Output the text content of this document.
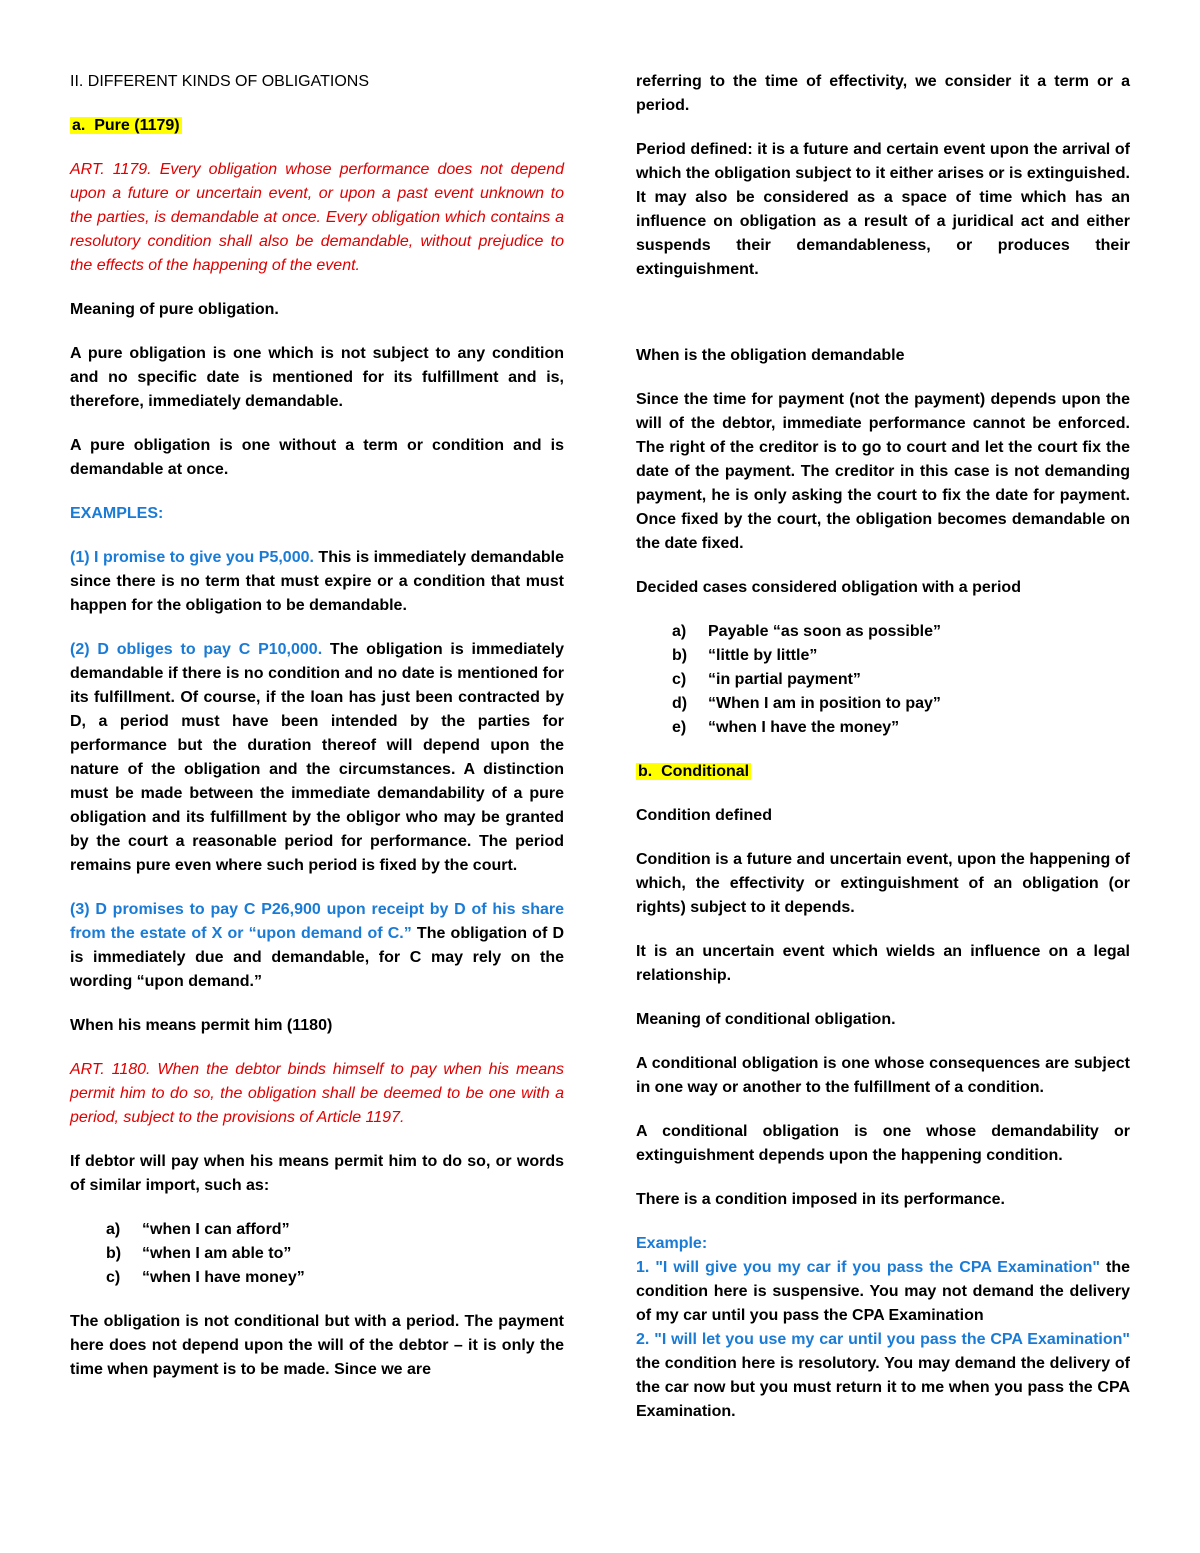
II. DIFFERENT KINDS OF OBLIGATIONS

a. Pure (1179)

ART. 1179. Every obligation whose performance does not depend upon a future or uncertain event, or upon a past event unknown to the parties, is demandable at once. Every obligation which contains a resolutory condition shall also be demandable, without prejudice to the effects of the happening of the event.

Meaning of pure obligation.

A pure obligation is one which is not subject to any condition and no specific date is mentioned for its fulfillment and is, therefore, immediately demandable.

A pure obligation is one without a term or condition and is demandable at once.

EXAMPLES:

(1) I promise to give you P5,000. This is immediately demandable since there is no term that must expire or a condition that must happen for the obligation to be demandable.

(2) D obliges to pay C P10,000. The obligation is immediately demandable if there is no condition and no date is mentioned for its fulfillment. Of course, if the loan has just been contracted by D, a period must have been intended by the parties for performance but the duration thereof will depend upon the nature of the obligation and the circumstances. A distinction must be made between the immediate demandability of a pure obligation and its fulfillment by the obligor who may be granted by the court a reasonable period for performance. The period remains pure even where such period is fixed by the court.

(3) D promises to pay C P26,900 upon receipt by D of his share from the estate of X or “upon demand of C.” The obligation of D is immediately due and demandable, for C may rely on the wording “upon demand.”

When his means permit him (1180)

ART. 1180. When the debtor binds himself to pay when his means permit him to do so, the obligation shall be deemed to be one with a period, subject to the provisions of Article 1197.

If debtor will pay when his means permit him to do so, or words of similar import, such as:

a)	“when I can afford”
b)	“when I am able to”
c)	“when I have money”

The obligation is not conditional but with a period. The payment here does not depend upon the will of the debtor – it is only the time when payment is to be made. Since we are

referring to the time of effectivity, we consider it a term or a period.

Period defined: it is a future and certain event upon the arrival of which the obligation subject to it either arises or is extinguished. It may also be considered as a space of time which has an influence on obligation as a result of a juridical act and either suspends their demandableness, or produces their extinguishment.

When is the obligation demandable

Since the time for payment (not the payment) depends upon the will of the debtor, immediate performance cannot be enforced. The right of the creditor is to go to court and let the court fix the date of the payment. The creditor in this case is not demanding payment, he is only asking the court to fix the date for payment. Once fixed by the court, the obligation becomes demandable on the date fixed.

Decided cases considered obligation with a period

a)	Payable “as soon as possible”
b)	“little by little”
c)	“in partial payment”
d)	“When I am in position to pay”
e)	“when I have the money”

b. Conditional

Condition defined

Condition is a future and uncertain event, upon the happening of which, the effectivity or extinguishment of an obligation (or rights) subject to it depends.

It is an uncertain event which wields an influence on a legal relationship.

Meaning of conditional obligation.

A conditional obligation is one whose consequences are subject in one way or another to the fulfillment of a condition.

A conditional obligation is one whose demandability or extinguishment depends upon the happening condition.

There is a condition imposed in its performance.

Example:
1. "I will give you my car if you pass the CPA Examination" the condition here is suspensive. You may not demand the delivery of my car until you pass the CPA Examination
2. "I will let you use my car until you pass the CPA Examination" the condition here is resolutory. You may demand the delivery of the car now but you must return it to me when you pass the CPA Examination.
